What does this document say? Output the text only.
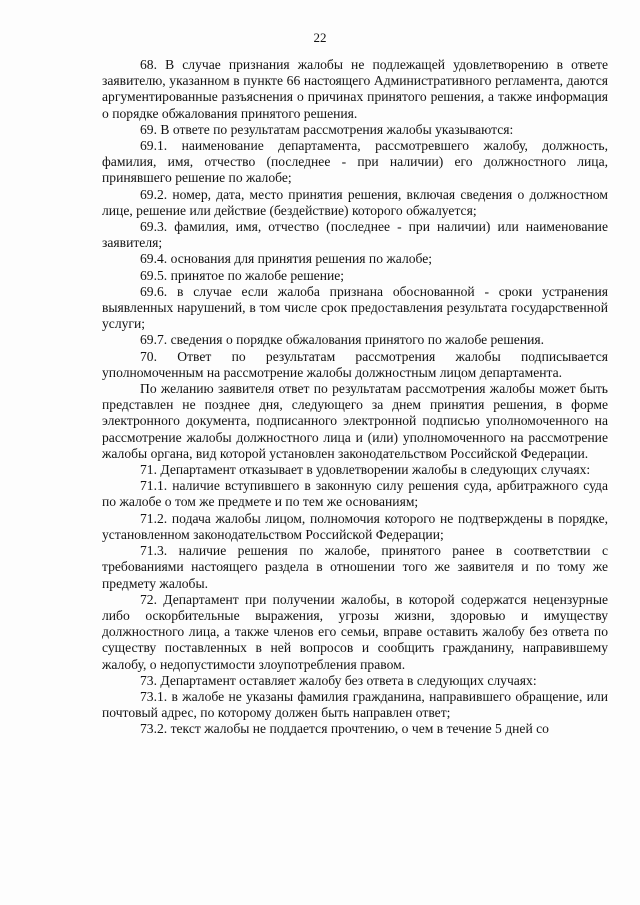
22

68. В случае признания жалобы не подлежащей удовлетворению в ответе заявителю, указанном в пункте 66 настоящего Административного регламента, даются аргументированные разъяснения о причинах принятого решения, а также информация о порядке обжалования принятого решения.

69. В ответе по результатам рассмотрения жалобы указываются:

69.1. наименование департамента, рассмотревшего жалобу, должность, фамилия, имя, отчество (последнее - при наличии) его должностного лица, принявшего решение по жалобе;

69.2. номер, дата, место принятия решения, включая сведения о должностном лице, решение или действие (бездействие) которого обжалуется;

69.3. фамилия, имя, отчество (последнее - при наличии) или наименование заявителя;

69.4. основания для принятия решения по жалобе;

69.5. принятое по жалобе решение;

69.6. в случае если жалоба признана обоснованной - сроки устранения выявленных нарушений, в том числе срок предоставления результата государственной услуги;

69.7. сведения о порядке обжалования принятого по жалобе решения.

70. Ответ по результатам рассмотрения жалобы подписывается уполномоченным на рассмотрение жалобы должностным лицом департамента.

По желанию заявителя ответ по результатам рассмотрения жалобы может быть представлен не позднее дня, следующего за днем принятия решения, в форме электронного документа, подписанного электронной подписью уполномоченного на рассмотрение жалобы должностного лица и (или) уполномоченного на рассмотрение жалобы органа, вид которой установлен законодательством Российской Федерации.

71. Департамент отказывает в удовлетворении жалобы в следующих случаях:

71.1. наличие вступившего в законную силу решения суда, арбитражного суда по жалобе о том же предмете и по тем же основаниям;

71.2. подача жалобы лицом, полномочия которого не подтверждены в порядке, установленном законодательством Российской Федерации;

71.3. наличие решения по жалобе, принятого ранее в соответствии с требованиями настоящего раздела в отношении того же заявителя и по тому же предмету жалобы.

72. Департамент при получении жалобы, в которой содержатся нецензурные либо оскорбительные выражения, угрозы жизни, здоровью и имуществу должностного лица, а также членов его семьи, вправе оставить жалобу без ответа по существу поставленных в ней вопросов и сообщить гражданину, направившему жалобу, о недопустимости злоупотребления правом.

73. Департамент оставляет жалобу без ответа в следующих случаях:

73.1. в жалобе не указаны фамилия гражданина, направившего обращение, или почтовый адрес, по которому должен быть направлен ответ;

73.2. текст жалобы не поддается прочтению, о чем в течение 5 дней со
